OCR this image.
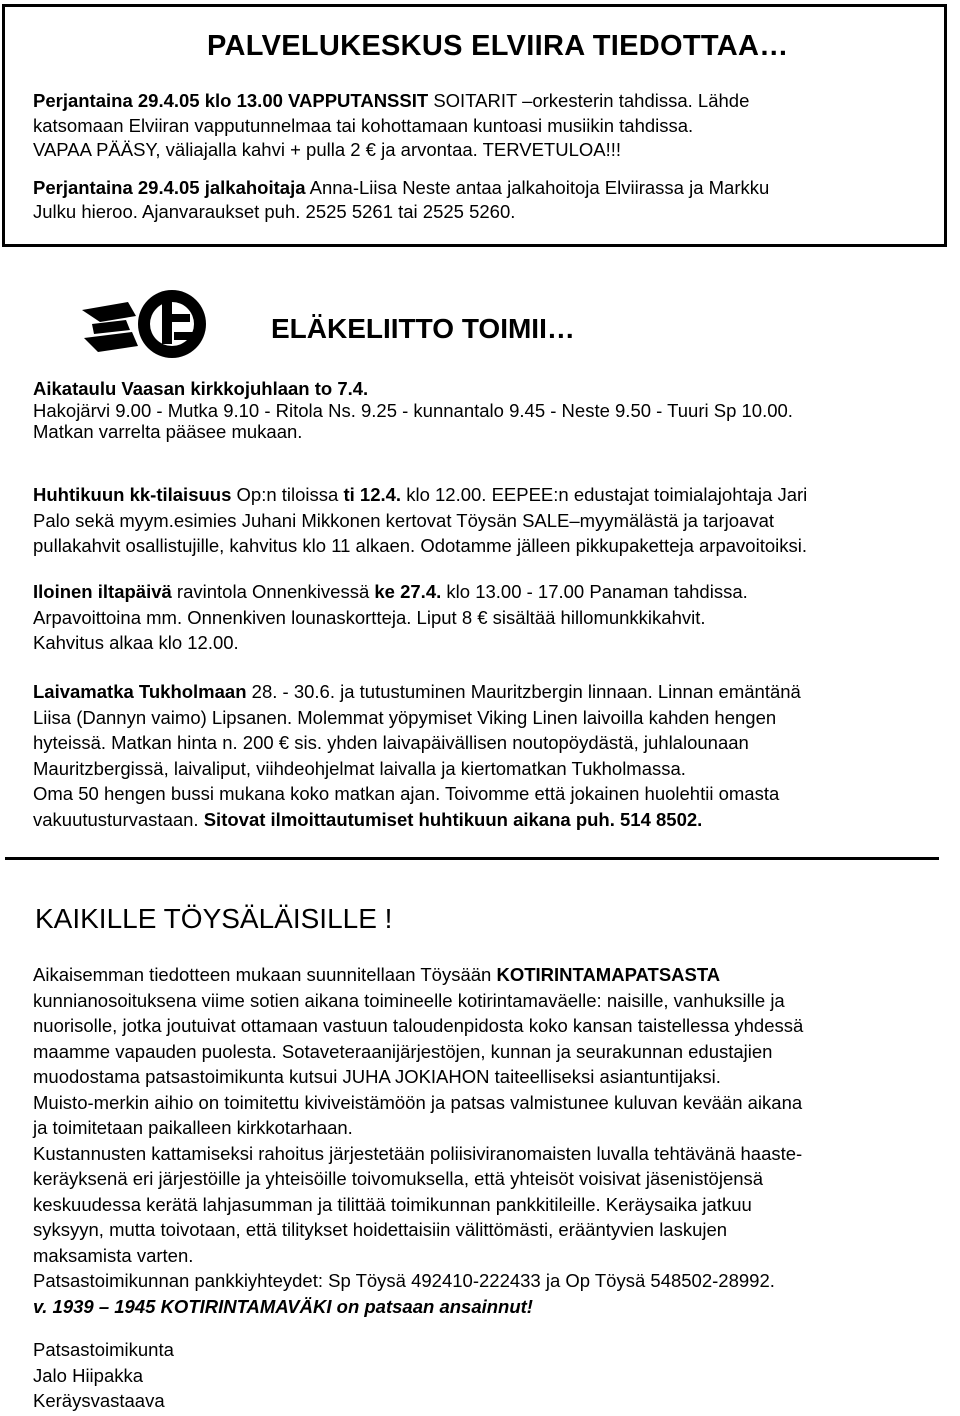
PALVELUKESKUS ELVIIRA TIEDOTTAA…
Perjantaina 29.4.05 klo 13.00 VAPPUTANSSIT SOITARIT –orkesterin tahdissa. Lähde
katsomaan Elviiran vapputunnelmaa tai kohottamaan kuntoasi musiikin tahdissa.
VAPAA PÄÄSY, väliajalla kahvi + pulla 2 € ja arvontaa. TERVETULOA!!!
Perjantaina 29.4.05 jalkahoitaja Anna-Liisa Neste antaa jalkahoitoja Elviirassa ja Markku
Julku hieroo. Ajanvaraukset puh. 2525 5261 tai 2525 5260.
ELÄKELIITTO TOIMII…
Aikataulu Vaasan kirkkojuhlaan to 7.4.
Hakojärvi 9.00 - Mutka 9.10 - Ritola Ns. 9.25 - kunnantalo 9.45 - Neste 9.50 - Tuuri Sp 10.00.
Matkan varrelta pääsee mukaan.
Huhtikuun kk-tilaisuus Op:n tiloissa ti 12.4. klo 12.00. EEPEE:n edustajat toimialajohtaja Jari
Palo sekä myym.esimies Juhani Mikkonen kertovat Töysän SALE–myymälästä ja tarjoavat
pullakahvit osallistujille, kahvitus klo 11 alkaen. Odotamme jälleen pikkupaketteja arpavoitoiksi.
Iloinen iltapäivä ravintola Onnenkivessä ke 27.4. klo 13.00 - 17.00 Panaman tahdissa.
Arpavoittoina mm. Onnenkiven lounaskortteja. Liput 8 € sisältää hillomunkkikahvit.
Kahvitus alkaa klo 12.00.
Laivamatka Tukholmaan 28. - 30.6. ja tutustuminen Mauritzbergin linnaan. Linnan emäntänä
Liisa (Dannyn vaimo) Lipsanen. Molemmat yöpymiset Viking Linen laivoilla kahden hengen
hyteissä. Matkan hinta n. 200 € sis. yhden laivapäivällisen noutopöydästä, juhlalounaan
Mauritzbergissä, laivaliput, viihdeohjelmat laivalla ja kiertomatkan Tukholmassa.
Oma 50 hengen bussi mukana koko matkan ajan. Toivomme että jokainen huolehtii omasta
vakuutusturvastaan. Sitovat ilmoittautumiset huhtikuun aikana puh. 514 8502.
KAIKILLE TÖYSÄLÄISILLE !
Aikaisemman tiedotteen mukaan suunnitellaan Töysään KOTIRINTAMAPATSASTA
kunnianosoituksena viime sotien aikana toimineelle kotirintamaväelle: naisille, vanhuksille ja
nuorisolle, jotka joutuivat ottamaan vastuun taloudenpidosta koko kansan taistellessa yhdessä
maamme vapauden puolesta. Sotaveteraanijärjestöjen, kunnan ja seurakunnan edustajien
muodostama patsastoimikunta kutsui JUHA JOKIAHON taiteelliseksi asiantuntijaksi.
Muisto-merkin aihio on toimitettu kiviveistämöön ja patsas valmistunee kuluvan kevään aikana
ja toimitetaan paikalleen kirkkotarhaan.
Kustannusten kattamiseksi rahoitus järjestetään poliisiviranomaisten luvalla tehtävänä haaste-
keräyksenä eri järjestöille ja yhteisöille toivomuksella, että yhteisöt voisivat jäsenistöjensä
keskuudessa kerätä lahjasumman ja tilittää toimikunnan pankkitileille. Keräysaika jatkuu
syksyyn, mutta toivotaan, että tilitykset hoidettaisiin välittömästi, erääntyvien laskujen
maksamista varten.
Patsastoimikunnan pankkiyhteydet: Sp Töysä 492410-222433 ja Op Töysä 548502-28992.
v. 1939 – 1945 KOTIRINTAMAVÄKI on patsaan ansainnut!
Patsastoimikunta
Jalo Hiipakka
Keräysvastaava
